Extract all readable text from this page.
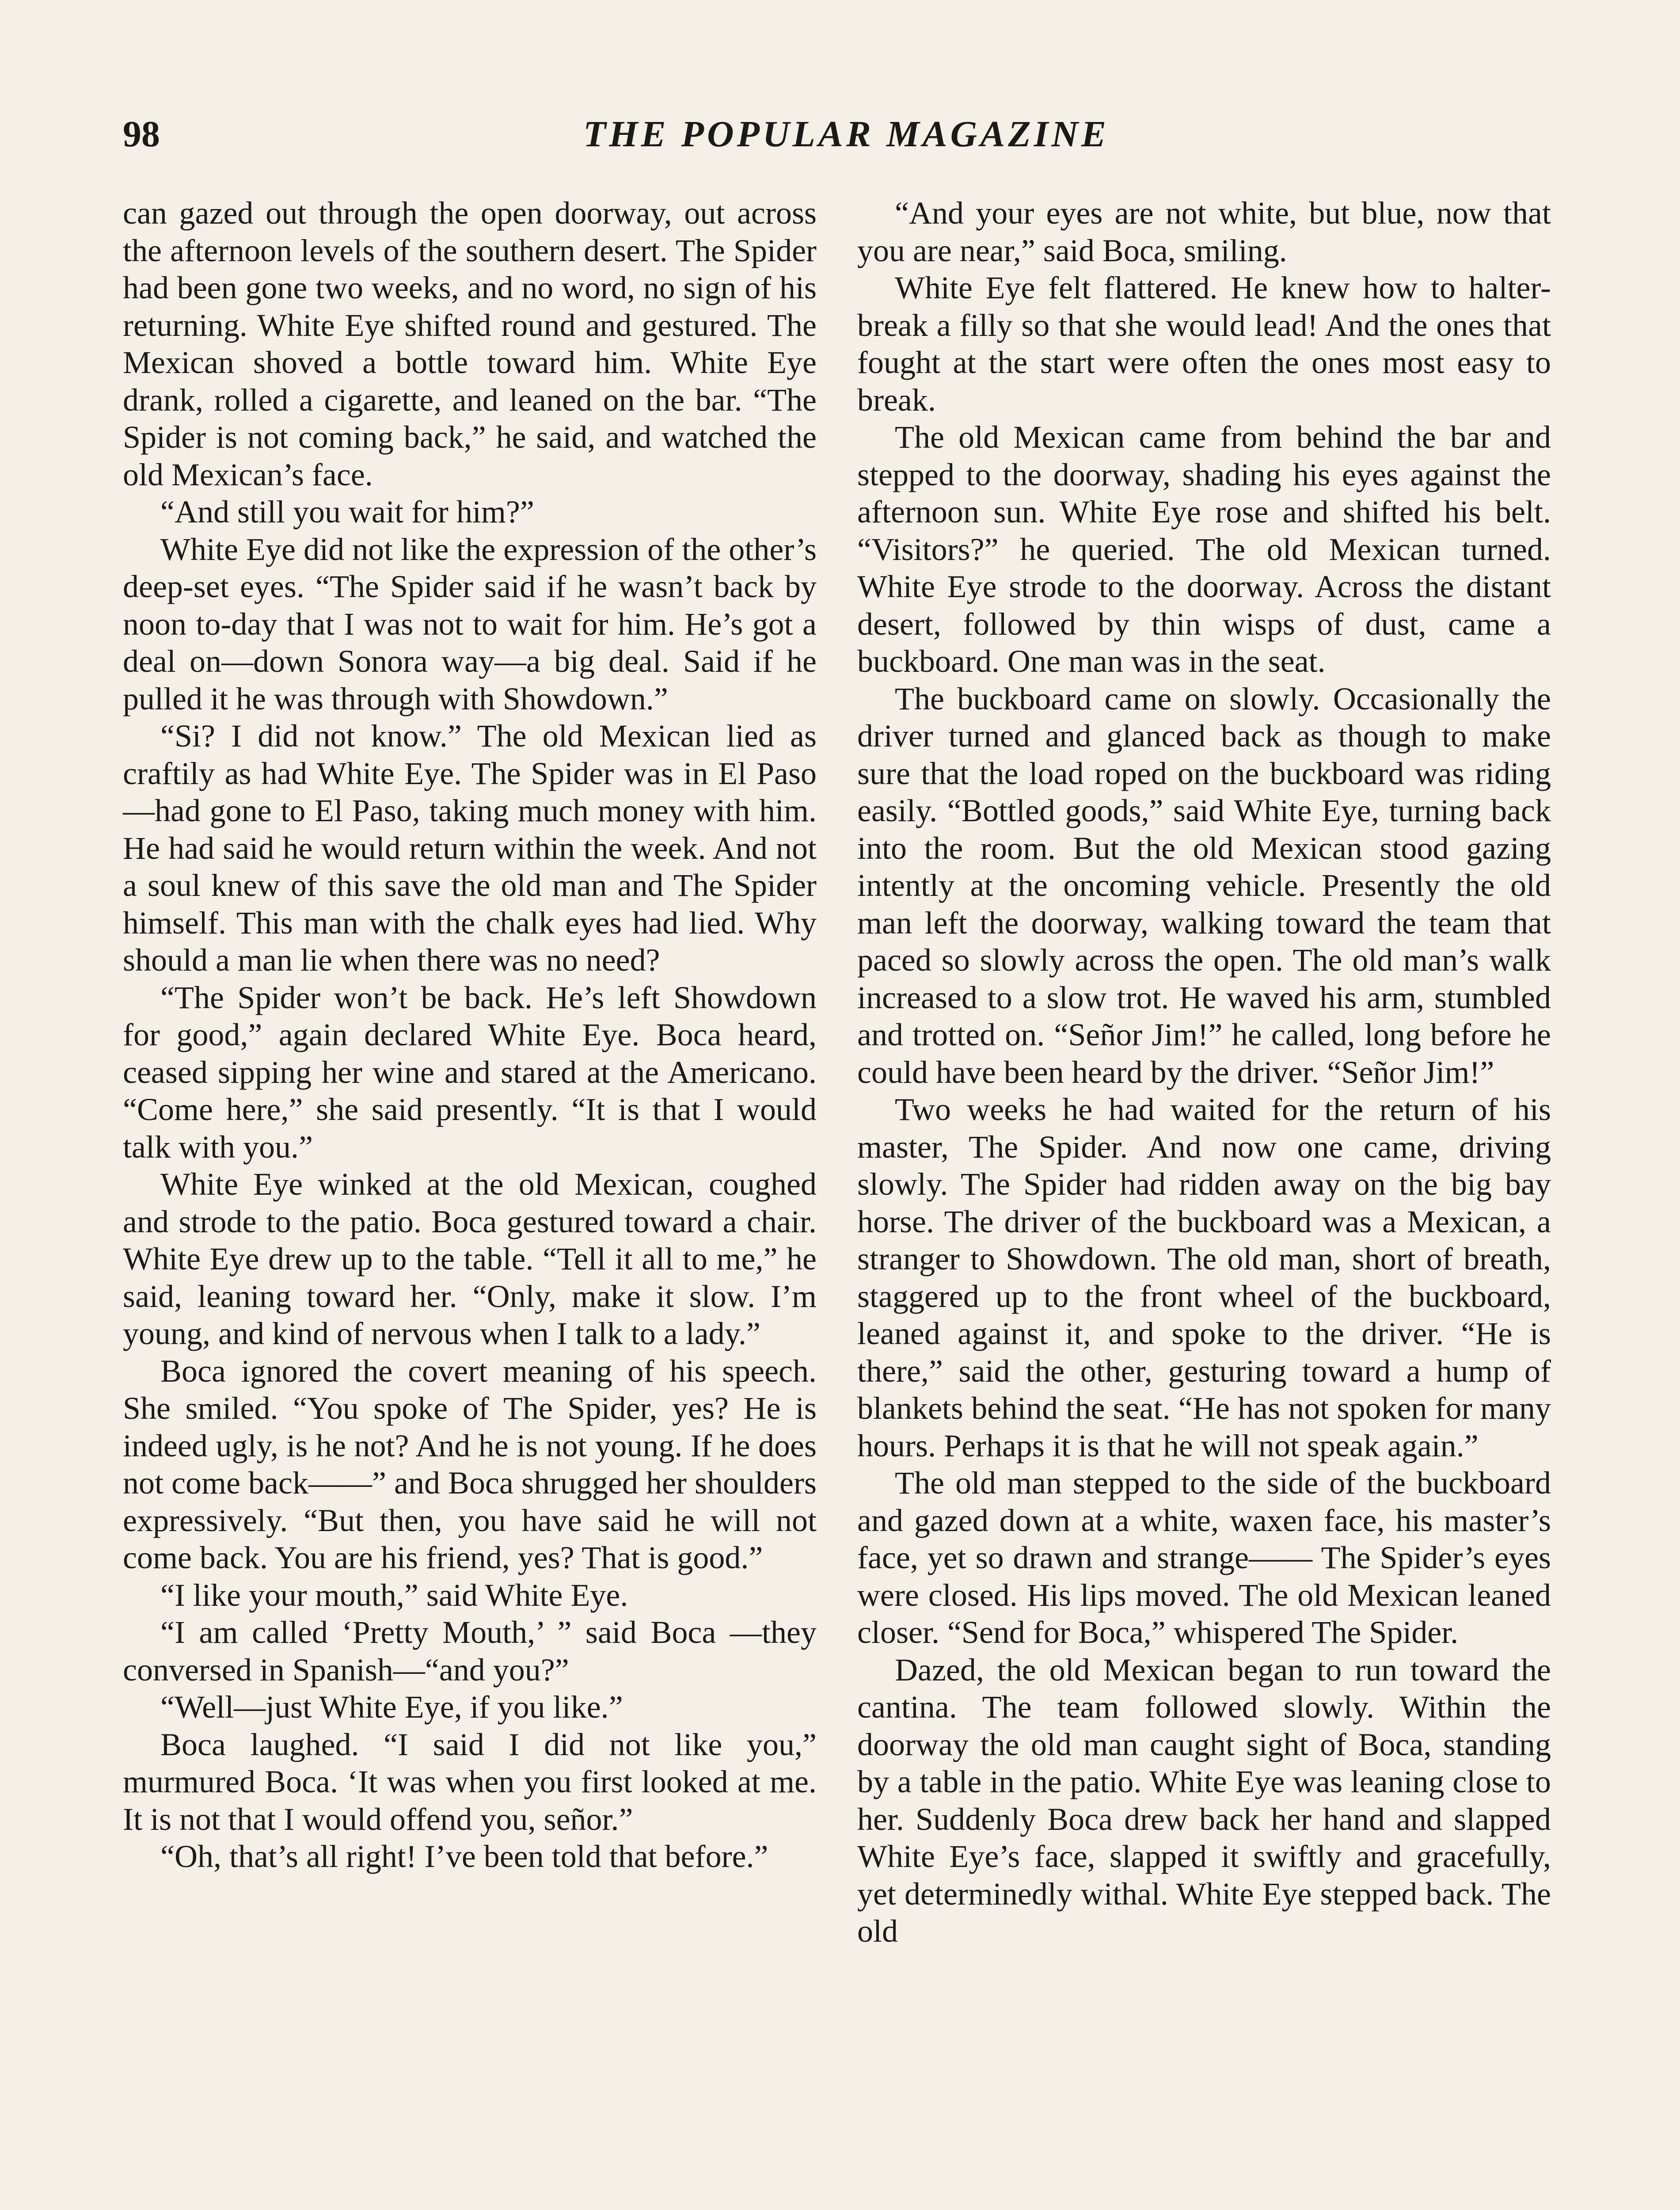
98	THE POPULAR MAGAZINE

can gazed out through the open doorway, out across the afternoon levels of the southern desert. The Spider had been gone two weeks, and no word, no sign of his returning. White Eye shifted round and gestured. The Mexican shoved a bottle toward him. White Eye drank, rolled a cigarette, and leaned on the bar. “The Spider is not coming back,” he said, and watched the old Mexican’s face.

“And still you wait for him?”

White Eye did not like the expression of the other’s deep-set eyes. “The Spider said if he wasn’t back by noon to-day that I was not to wait for him. He’s got a deal on—down Sonora way—a big deal. Said if he pulled it he was through with Showdown.”

“Si? I did not know.” The old Mexican lied as craftily as had White Eye. The Spider was in El Paso—had gone to El Paso, taking much money with him. He had said he would return within the week. And not a soul knew of this save the old man and The Spider himself. This man with the chalk eyes had lied. Why should a man lie when there was no need?

“The Spider won’t be back. He’s left Showdown for good,” again declared White Eye. Boca heard, ceased sipping her wine and stared at the Americano. “Come here,” she said presently. “It is that I would talk with you.”

White Eye winked at the old Mexican, coughed and strode to the patio. Boca gestured toward a chair. White Eye drew up to the table. “Tell it all to me,” he said, leaning toward her. “Only, make it slow. I’m young, and kind of nervous when I talk to a lady.”

Boca ignored the covert meaning of his speech. She smiled. “You spoke of The Spider, yes? He is indeed ugly, is he not? And he is not young. If he does not come back——” and Boca shrugged her shoulders expressively. “But then, you have said he will not come back. You are his friend, yes? That is good.”

“I like your mouth,” said White Eye.

“I am called ‘Pretty Mouth,’ ” said Boca —they conversed in Spanish—“and you?”

“Well—just White Eye, if you like.”

Boca laughed. “I said I did not like you,” murmured Boca. ‘It was when you first looked at me. It is not that I would offend you, señor.”

“Oh, that’s all right! I’ve been told that before.”

“And your eyes are not white, but blue, now that you are near,” said Boca, smiling.

White Eye felt flattered. He knew how to halter-break a filly so that she would lead! And the ones that fought at the start were often the ones most easy to break.

The old Mexican came from behind the bar and stepped to the doorway, shading his eyes against the afternoon sun. White Eye rose and shifted his belt. “Visitors?” he queried. The old Mexican turned. White Eye strode to the doorway. Across the distant desert, followed by thin wisps of dust, came a buckboard. One man was in the seat.

The buckboard came on slowly. Occasionally the driver turned and glanced back as though to make sure that the load roped on the buckboard was riding easily. “Bottled goods,” said White Eye, turning back into the room. But the old Mexican stood gazing intently at the oncoming vehicle. Presently the old man left the doorway, walking toward the team that paced so slowly across the open. The old man’s walk increased to a slow trot. He waved his arm, stumbled and trotted on. “Señor Jim!” he called, long before he could have been heard by the driver. “Señor Jim!”

Two weeks he had waited for the return of his master, The Spider. And now one came, driving slowly. The Spider had ridden away on the big bay horse. The driver of the buckboard was a Mexican, a stranger to Showdown. The old man, short of breath, staggered up to the front wheel of the buckboard, leaned against it, and spoke to the driver. “He is there,” said the other, gesturing toward a hump of blankets behind the seat. “He has not spoken for many hours. Perhaps it is that he will not speak again.”

The old man stepped to the side of the buckboard and gazed down at a white, waxen face, his master’s face, yet so drawn and strange—— The Spider’s eyes were closed. His lips moved. The old Mexican leaned closer. “Send for Boca,” whispered The Spider.

Dazed, the old Mexican began to run toward the cantina. The team followed slowly. Within the doorway the old man caught sight of Boca, standing by a table in the patio. White Eye was leaning close to her. Suddenly Boca drew back her hand and slapped White Eye’s face, slapped it swiftly and gracefully, yet determinedly withal. White Eye stepped back. The old
